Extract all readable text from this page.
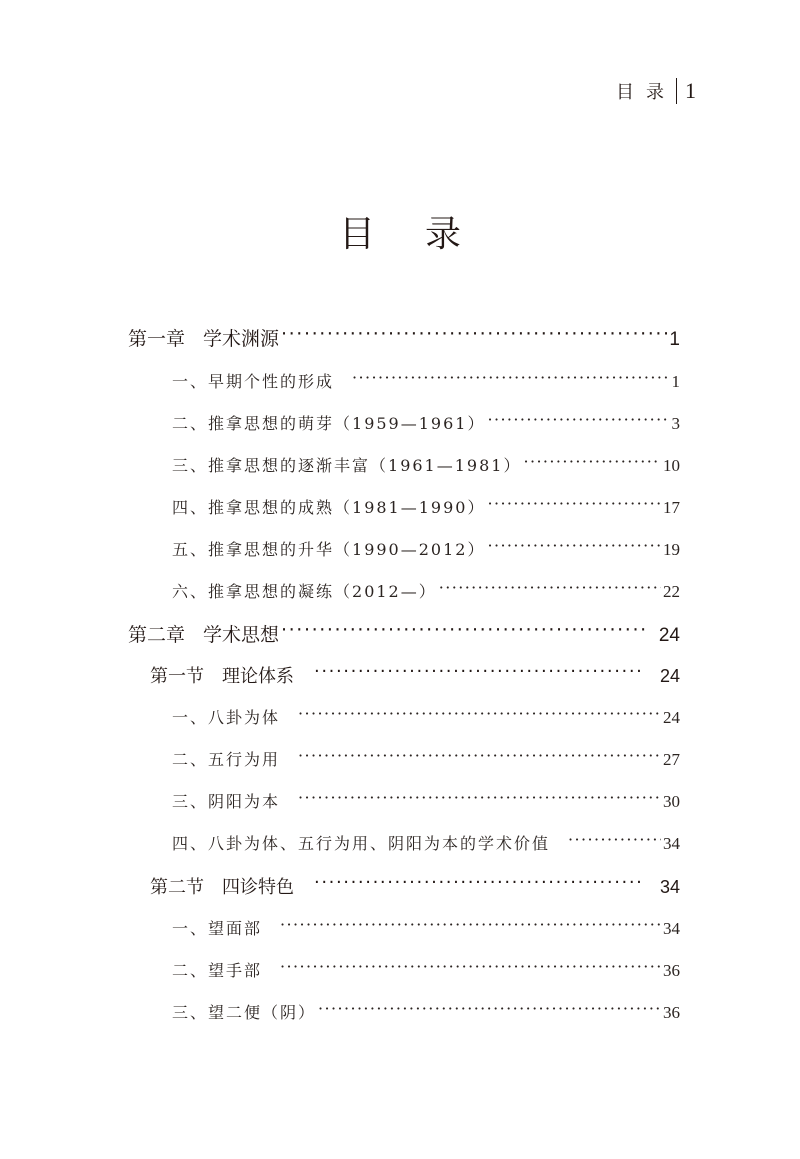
目录 1
目录
第一章 学术渊源 ·····	1
一、早期个性的形成 ·····	1
二、推拿思想的萌芽（1959—1961） ·····	3
三、推拿思想的逐渐丰富（1961—1981） ·····	10
四、推拿思想的成熟（1981—1990） ·····	17
五、推拿思想的升华（1990—2012） ·····	19
六、推拿思想的凝练（2012—） ·····	22
第二章 学术思想 ·····	24
第一节 理论体系 ·····	24
一、八卦为体 ·····	24
二、五行为用 ·····	27
三、阴阳为本 ·····	30
四、八卦为体、五行为用、阴阳为本的学术价值 ·····	34
第二节 四诊特色 ·····	34
一、望面部 ·····	34
二、望手部 ·····	36
三、望二便（阴） ·····	36
